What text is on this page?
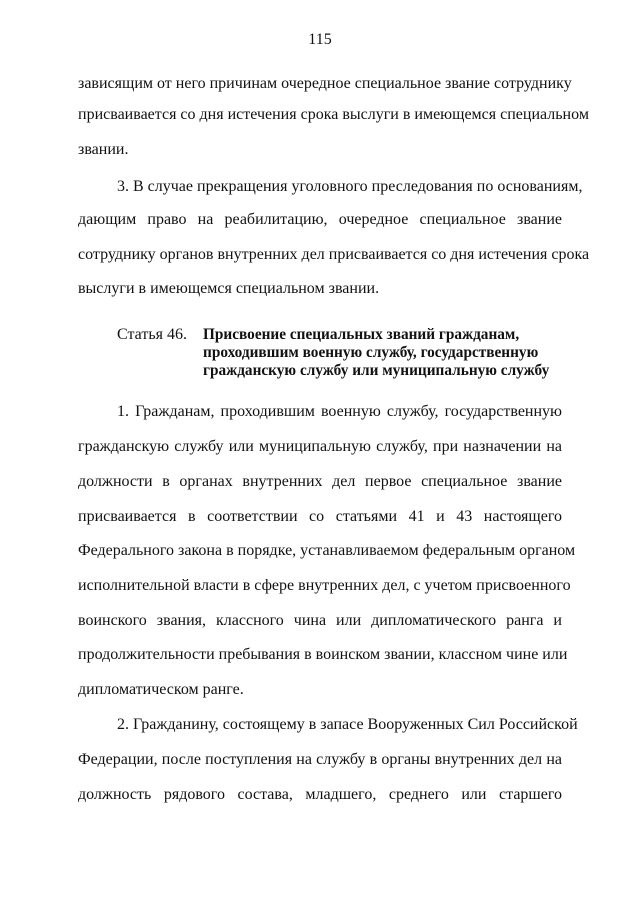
115
зависящим от него причинам очередное специальное звание сотруднику
присваивается со дня истечения срока выслуги в имеющемся специальном
звании.
3. В случае прекращения уголовного преследования по основаниям,
дающим право на реабилитацию, очередное специальное звание
сотруднику органов внутренних дел присваивается со дня истечения срока
выслуги в имеющемся специальном звании.
Статья 46. Присвоение специальных званий гражданам,
проходившим военную службу, государственную
гражданскую службу или муниципальную службу
1. Гражданам, проходившим военную службу, государственную
гражданскую службу или муниципальную службу, при назначении на
должности в органах внутренних дел первое специальное звание
присваивается в соответствии со статьями 41 и 43 настоящего
Федерального закона в порядке, устанавливаемом федеральным органом
исполнительной власти в сфере внутренних дел, с учетом присвоенного
воинского звания, классного чина или дипломатического ранга и
продолжительности пребывания в воинском звании, классном чине или
дипломатическом ранге.
2. Гражданину, состоящему в запасе Вооруженных Сил Российской
Федерации, после поступления на службу в органы внутренних дел на
должность рядового состава, младшего, среднего или старшего
